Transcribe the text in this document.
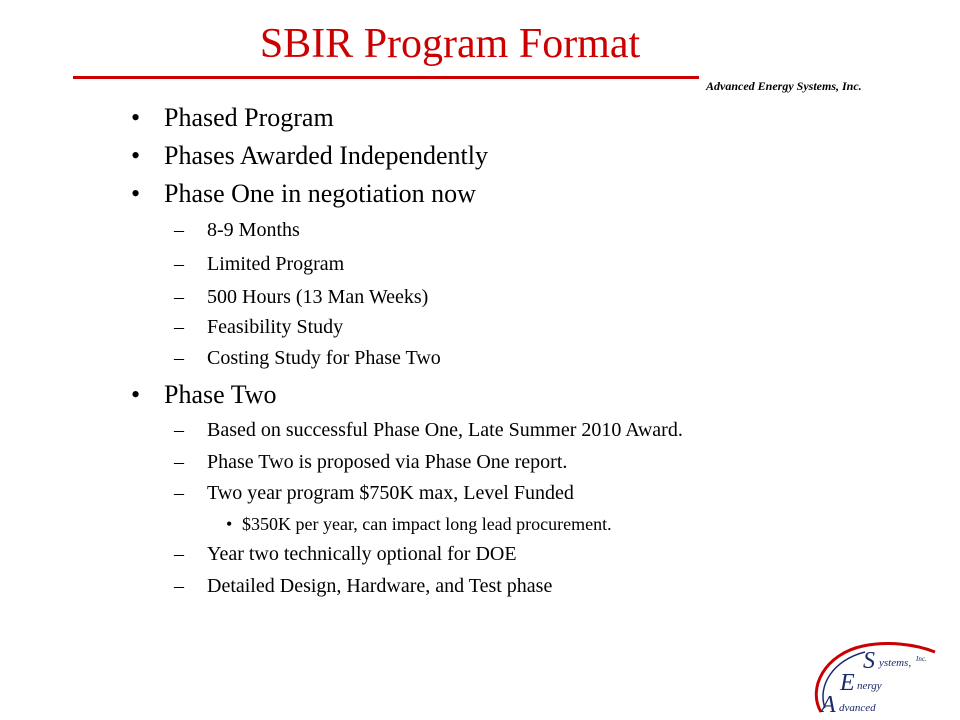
SBIR Program Format
Advanced Energy Systems, Inc.
• Phased Program
• Phases Awarded Independently
• Phase One in negotiation now
– 8-9 Months
– Limited Program
– 500 Hours (13 Man Weeks)
– Feasibility Study
– Costing Study for Phase Two
• Phase Two
– Based on successful Phase One, Late Summer 2010 Award.
– Phase Two is proposed via Phase One report.
– Two year program $750K max, Level Funded
• $350K per year, can impact long lead procurement.
– Year two technically optional for DOE
– Detailed Design, Hardware, and Test phase
S ystems, Inc.
E nergy
A dvanced
